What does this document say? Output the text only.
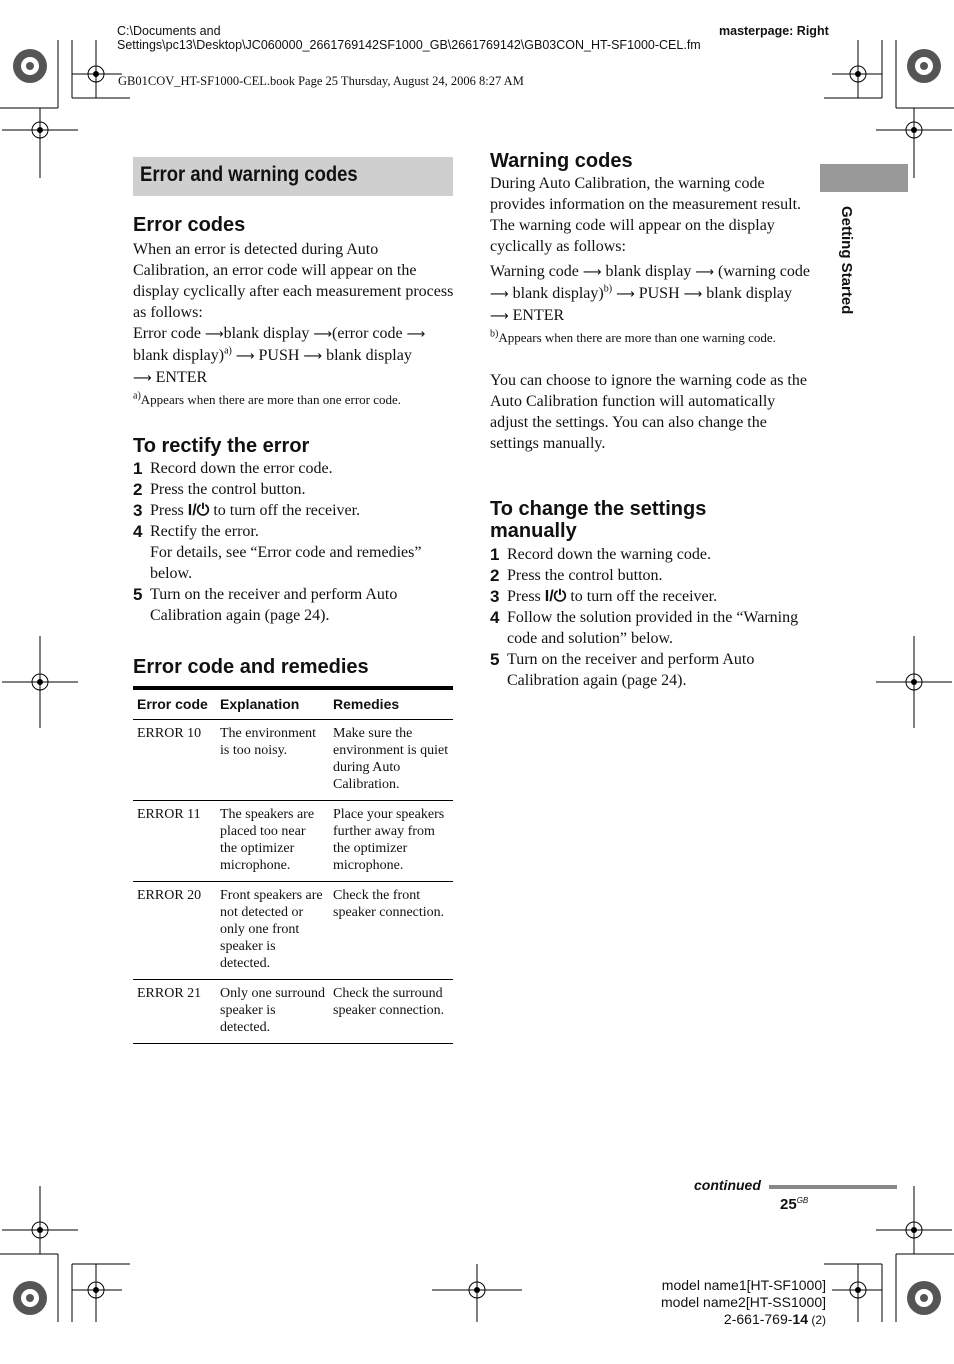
C:\Documents and Settings\pc13\Desktop\JC060000_2661769142SF1000_GB\2661769142\GB03CON_HT-SF1000-CEL.fm
GB01COV_HT-SF1000-CEL.book Page 25 Thursday, August 24, 2006 8:27 AM
masterpage: Right
Error and warning codes
Getting Started
Error codes

When an error is detected during Auto Calibration, an error code will appear on the display cyclically after each measurement process as follows:

Error code ⟶blank display ⟶(error code ⟶ blank display)$^{a)}$ ⟶ PUSH ⟶ blank display
⟶ ENTER

$^{a)}$Appears when there are more than one error code.

To rectify the error
1 Record down the error code.
2 Press the control button.
3 Press I/⏻ to turn off the receiver.
4 Rectify the error.
For details, see “Error code and remedies” below.
5 Turn on the receiver and perform Auto Calibration again (page 24).
Error code and remedies
Error code	Explanation	Remedies
ERROR 10	The environment is too noisy.	Make sure the environment is quiet during Auto Calibration.
ERROR 11	The speakers are placed too near the optimizer microphone.	Place your speakers further away from the optimizer microphone.
ERROR 20	Front speakers are not detected or only one front speaker is detected.	Check the front speaker connection.
ERROR 21	Only one surround speaker is detected.	Check the surround speaker connection.
Warning codes

During Auto Calibration, the warning code provides information on the measurement result. The warning code will appear on the display cyclically as follows:

Warning code ⟶ blank display ⟶ (warning code ⟶ blank display)$^{b)}$ ⟶ PUSH ⟶ blank display ⟶ ENTER

$^{b)}$Appears when there are more than one warning code.

You can choose to ignore the warning code as the Auto Calibration function will automatically adjust the settings. You can also change the settings manually.

To change the settings manually
1 Record down the warning code.
2 Press the control button.
3 Press I/⏻ to turn off the receiver.
4 Follow the solution provided in the “Warning code and solution” below.
5 Turn on the receiver and perform Auto Calibration again (page 24).
continued
$25^{GB}$
model name1[HT-SF1000]
model name2[HT-SS1000]
2-661-769-14 (2)
